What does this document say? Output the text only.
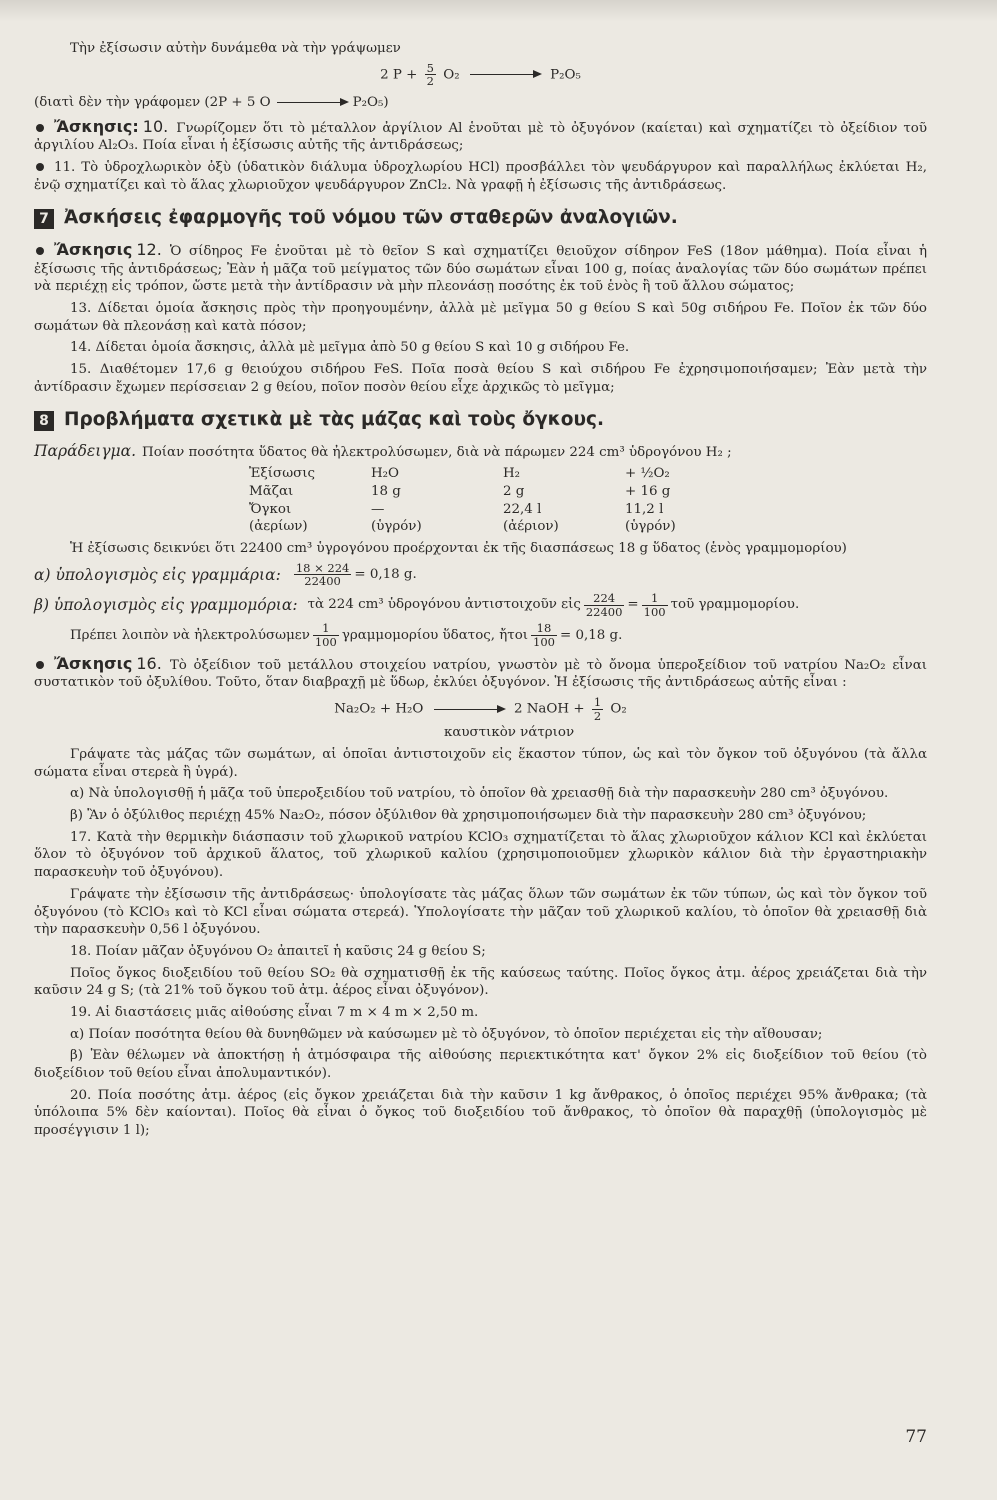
Τὴν ἐξίσωσιν αὐτὴν δυνάμεθα νὰ τὴν γράψωμεν

2 $P + \frac{5}{2} O_2$	P₂O₅

(διατὶ δὲν τὴν γράφομεν (2P + 5 O	P₂O₅)

Ἄσκησις: 10. Γνωρίζομεν ὅτι τὸ μέταλλον ἀργίλιον Al ἑνοῦται μὲ τὸ ὀξυγόνον (καίεται) καὶ σχηματίζει τὸ ὀξείδιον τοῦ ἀργιλίου Al₂O₃. Ποία εἶναι ἡ ἐξίσωσις αὐτῆς τῆς ἀντιδράσεως;

11. Τὸ ὑδροχλωρικὸν ὀξὺ (ὑδατικὸν διάλυμα ὑδροχλωρίου HCl) προσβάλλει τὸν ψευδάργυρον καὶ παραλλήλως ἐκλύεται H₂, ἐνῷ σχηματίζει καὶ τὸ ἅλας χλωριοῦχον ψευδάργυρον ZnCl₂. Νὰ γραφῇ ἡ ἐξίσωσις τῆς ἀντιδράσεως.

7 Ἀσκήσεις ἐφαρμογῆς τοῦ νόμου τῶν σταθερῶν ἀναλογιῶν.

Ἄσκησις 12. Ὁ σίδηρος Fe ἑνοῦται μὲ τὸ θεῖον S καὶ σχηματίζει θειοῦχον σίδηρον FeS (18ον μάθημα). Ποία εἶναι ἡ ἐξίσωσις τῆς ἀντιδράσεως; Ἐὰν ἡ μᾶζα τοῦ μείγματος τῶν δύο σωμάτων εἶναι 100 g, ποίας ἀναλογίας τῶν δύο σωμάτων πρέπει νὰ περιέχῃ εἰς τρόπον, ὥστε μετὰ τὴν ἀντίδρασιν νὰ μὴν πλεονάσῃ ποσότης ἐκ τοῦ ἑνὸς ἢ τοῦ ἄλλου σώματος;

13. Δίδεται ὁμοία ἄσκησις πρὸς τὴν προηγουμένην, ἀλλὰ μὲ μεῖγμα 50 g θείου S καὶ 50g σιδήρου Fe. Ποῖον ἐκ τῶν δύο σωμάτων θὰ πλεονάσῃ καὶ κατὰ πόσον;

14. Δίδεται ὁμοία ἄσκησις, ἀλλὰ μὲ μεῖγμα ἀπὸ 50 g θείου S καὶ 10 g σιδήρου Fe.

15. Διαθέτομεν 17,6 g θειούχου σιδήρου FeS. Ποῖα ποσὰ θείου S καὶ σιδήρου Fe ἐχρησιμοποιήσαμεν; Ἐὰν μετὰ τὴν ἀντίδρασιν ἔχωμεν περίσσειαν 2 g θείου, ποῖον ποσὸν θείου εἶχε ἀρχικῶς τὸ μεῖγμα;

8 Προβλήματα σχετικὰ μὲ τὰς μάζας καὶ τοὺς ὄγκους.

Παράδειγμα. Ποίαν ποσότητα ὕδατος θὰ ἠλεκτρολύσωμεν, διὰ νὰ πάρωμεν 224 cm³ ὑδρογόνου H₂ ;

Ἐξίσωσις	H₂O	H₂	+ ½O₂
Μᾶζαι	18 g	2 g	+ 16 g
Ὄγκοι	—	22,4 l	11,2 l
(ἀερίων)	(ὑγρόν)	(ἀέριον)	(ὑγρόν)

Ἡ ἐξίσωσις δεικνύει ὅτι 22400 cm³ ὑγρογόνου προέρχονται ἐκ τῆς διασπάσεως 18 g ὕδατος (ἑνὸς γραμμομορίου)

α) ὑπολογισμὸς εἰς γραμμάρια: $\frac{18 \times 224}{22400} = 0,18$ g.
β) ὑπολογισμὸς εἰς γραμμομόρια: τὰ 224 cm³ ὑδρογόνου ἀντιστοιχοῦν εἰς $\frac{224}{22400} = \frac{1}{100}$ τοῦ γραμμομορίου.
Πρέπει λοιπὸν νὰ ἠλεκτρολύσωμεν $\frac{1}{100}$ γραμμομορίου ὕδατος, ἤτοι $\frac{18}{100} = 0,18$ g.

Ἄσκησις 16. Τὸ ὀξείδιον τοῦ μετάλλου στοιχείου νατρίου, γνωστὸν μὲ τὸ ὄνομα ὑπεροξείδιον τοῦ νατρίου Na₂O₂ εἶναι συστατικὸν τοῦ ὀξυλίθου. Τοῦτο, ὅταν διαβραχῇ μὲ ὕδωρ, ἐκλύει ὀξυγόνον. Ἡ ἐξίσωσις τῆς ἀντιδράσεως αὐτῆς εἶναι :

Na₂O₂ + H₂O	2 NaOH + $\frac{1}{2} O_2$
καυστικὸν νάτριον

Γράψατε τὰς μάζας τῶν σωμάτων, αἱ ὁποῖαι ἀντιστοιχοῦν εἰς ἕκαστον τύπον, ὡς καὶ τὸν ὄγκον τοῦ ὀξυγόνου (τὰ ἄλλα σώματα εἶναι στερεὰ ἢ ὑγρά).

α) Νὰ ὑπολογισθῇ ἡ μᾶζα τοῦ ὑπεροξειδίου τοῦ νατρίου, τὸ ὁποῖον θὰ χρειασθῇ διὰ τὴν παρασκευὴν 280 cm³ ὀξυγόνου.

β) Ἂν ὁ ὀξύλιθος περιέχῃ 45% Na₂O₂, πόσον ὀξύλιθον θὰ χρησιμοποιήσωμεν διὰ τὴν παρασκευὴν 280 cm³ ὀξυγόνου;

17. Κατὰ τὴν θερμικὴν διάσπασιν τοῦ χλωρικοῦ νατρίου KClO₃ σχηματίζεται τὸ ἅλας χλωριοῦχον κάλιον KCl καὶ ἐκλύεται ὅλον τὸ ὀξυγόνον τοῦ ἀρχικοῦ ἅλατος, τοῦ χλωρικοῦ καλίου (χρησιμοποιοῦμεν χλωρικὸν κάλιον διὰ τὴν ἐργαστηριακὴν παρασκευὴν τοῦ ὀξυγόνου).

Γράψατε τὴν ἐξίσωσιν τῆς ἀντιδράσεως· ὑπολογίσατε τὰς μάζας ὅλων τῶν σωμάτων ἐκ τῶν τύπων, ὡς καὶ τὸν ὄγκον τοῦ ὀξυγόνου (τὸ KClO₃ καὶ τὸ KCl εἶναι σώματα στερεά). Ὑπολογίσατε τὴν μᾶζαν τοῦ χλωρικοῦ καλίου, τὸ ὁποῖον θὰ χρειασθῇ διὰ τὴν παρασκευὴν 0,56 l ὀξυγόνου.

18. Ποίαν μᾶζαν ὀξυγόνου O₂ ἀπαιτεῖ ἡ καῦσις 24 g θείου S;

Ποῖος ὄγκος διοξειδίου τοῦ θείου SO₂ θὰ σχηματισθῇ ἐκ τῆς καύσεως ταύτης. Ποῖος ὄγκος ἀτμ. ἀέρος χρειάζεται διὰ τὴν καῦσιν 24 g S; (τὰ 21% τοῦ ὄγκου τοῦ ἀτμ. ἀέρος εἶναι ὀξυγόνον).

19. Αἱ διαστάσεις μιᾶς αἰθούσης εἶναι 7 m × 4 m × 2,50 m.

α) Ποίαν ποσότητα θείου θὰ δυνηθῶμεν νὰ καύσωμεν μὲ τὸ ὀξυγόνον, τὸ ὁποῖον περιέχεται εἰς τὴν αἴθουσαν;

β) Ἐὰν θέλωμεν νὰ ἀποκτήσῃ ἡ ἀτμόσφαιρα τῆς αἰθούσης περιεκτικότητα κατ' ὄγκον 2% εἰς διοξείδιον τοῦ θείου (τὸ διοξείδιον τοῦ θείου εἶναι ἀπολυμαντικόν).

20. Ποία ποσότης ἀτμ. ἀέρος (εἰς ὄγκον χρειάζεται διὰ τὴν καῦσιν 1 kg ἄνθρακος, ὁ ὁποῖος περιέχει 95% ἄνθρακα; (τὰ ὑπόλοιπα 5% δὲν καίονται). Ποῖος θὰ εἶναι ὁ ὄγκος τοῦ διοξειδίου τοῦ ἄνθρακος, τὸ ὁποῖον θὰ παραχθῇ (ὑπολογισμὸς μὲ προσέγγισιν 1 l);

77
